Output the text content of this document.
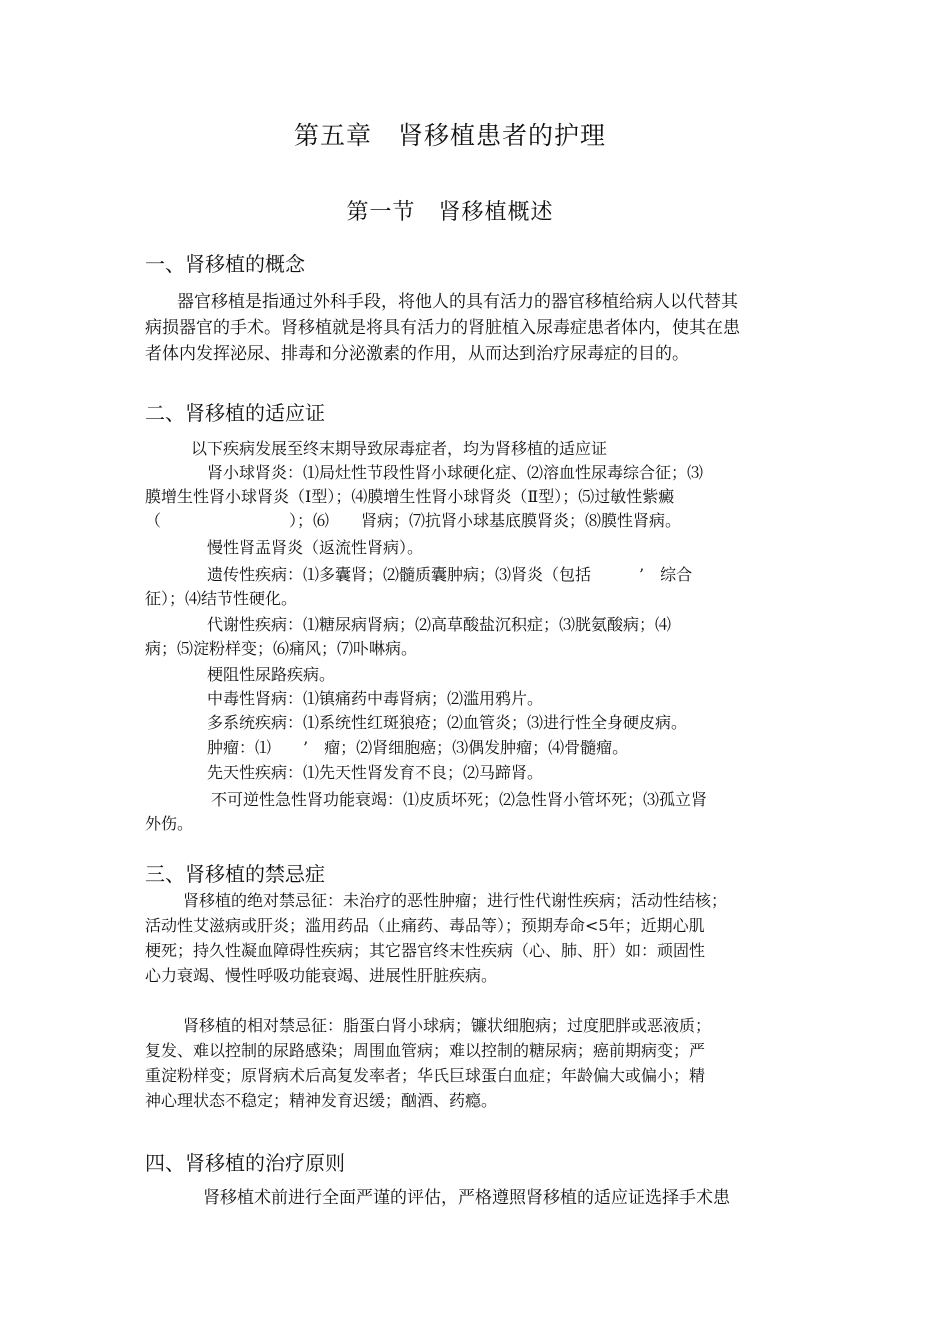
第五章　肾移植患者的护理
第一节　肾移植概述
一、肾移植的概念
器官移植是指通过外科手段，将他人的具有活力的器官移植给病人以代替其
病损器官的手术。肾移植就是将具有活力的肾脏植入尿毒症患者体内，使其在患
者体内发挥泌尿、排毒和分泌激素的作用，从而达到治疗尿毒症的目的。
二、肾移植的适应证
以下疾病发展至终末期导致尿毒症者，均为肾移植的适应证
肾小球肾炎：⑴局灶性节段性肾小球硬化症、⑵溶血性尿毒综合征；⑶
膜增生性肾小球肾炎（Ⅰ型）；⑷膜增生性肾小球肾炎（Ⅱ型）；⑸过敏性紫癜
（　　　　　　　　）；⑹　　肾病；⑺抗肾小球基底膜肾炎；⑻膜性肾病。
慢性肾盂肾炎（返流性肾病）。
遗传性疾病：⑴多囊肾；⑵髓质囊肿病；⑶肾炎（包括　　　’　综合
征）；⑷结节性硬化。
代谢性疾病：⑴糖尿病肾病；⑵高草酸盐沉积症；⑶胱氨酸病；⑷
病；⑸淀粉样变；⑹痛风；⑺卟啉病。
梗阻性尿路疾病。
中毒性肾病：⑴镇痛药中毒肾病；⑵滥用鸦片。
多系统疾病：⑴系统性红斑狼疮；⑵血管炎；⑶进行性全身硬皮病。
肿瘤：⑴　　’　瘤；⑵肾细胞癌；⑶偶发肿瘤；⑷骨髓瘤。
先天性疾病：⑴先天性肾发育不良；⑵马蹄肾。
不可逆性急性肾功能衰竭：⑴皮质坏死；⑵急性肾小管坏死；⑶孤立肾
外伤。
三、肾移植的禁忌症
肾移植的绝对禁忌征：未治疗的恶性肿瘤；进行性代谢性疾病；活动性结核；
活动性艾滋病或肝炎；滥用药品（止痛药、毒品等）；预期寿命<5年；近期心肌
梗死；持久性凝血障碍性疾病；其它器官终末性疾病（心、肺、肝）如：顽固性
心力衰竭、慢性呼吸功能衰竭、进展性肝脏疾病。
肾移植的相对禁忌征：脂蛋白肾小球病；镰状细胞病；过度肥胖或恶液质；
复发、难以控制的尿路感染；周围血管病；难以控制的糖尿病；癌前期病变；严
重淀粉样变；原肾病术后高复发率者；华氏巨球蛋白血症；年龄偏大或偏小；精
神心理状态不稳定；精神发育迟缓；酗酒、药瘾。
四、肾移植的治疗原则
肾移植术前进行全面严谨的评估，严格遵照肾移植的适应证选择手术患
